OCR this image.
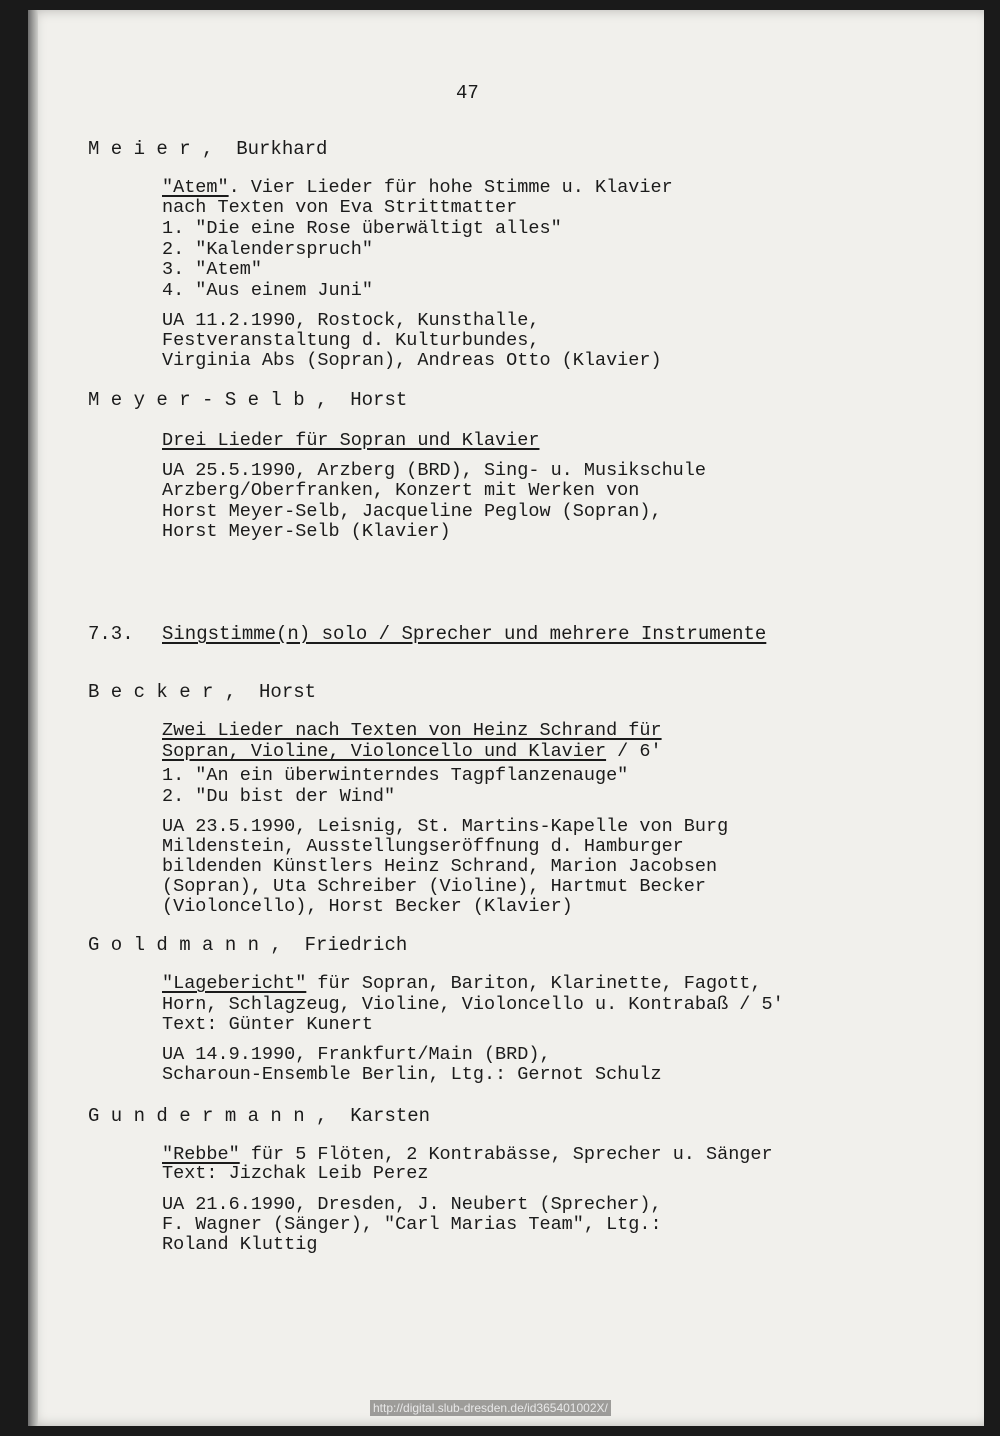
47
M e i e r ,  Burkhard
"Atem". Vier Lieder für hohe Stimme u. Klavier
nach Texten von Eva Strittmatter
1. "Die eine Rose überwältigt alles"
2. "Kalenderspruch"
3. "Atem"
4. "Aus einem Juni"
UA 11.2.1990, Rostock, Kunsthalle,
Festveranstaltung d. Kulturbundes,
Virginia Abs (Sopran), Andreas Otto (Klavier)
M e y e r - S e l b ,  Horst
Drei Lieder für Sopran und Klavier
UA 25.5.1990, Arzberg (BRD), Sing- u. Musikschule
Arzberg/Oberfranken, Konzert mit Werken von
Horst Meyer-Selb, Jacqueline Peglow (Sopran),
Horst Meyer-Selb (Klavier)
7.3. Singstimme(n) solo / Sprecher und mehrere Instrumente
B e c k e r ,  Horst
Zwei Lieder nach Texten von Heinz Schrand für
Sopran, Violine, Violoncello und Klavier / 6'
1. "An ein überwinterndes Tagpflanzenauge"
2. "Du bist der Wind"
UA 23.5.1990, Leisnig, St. Martins-Kapelle von Burg
Mildenstein, Ausstellungseröffnung d. Hamburger
bildenden Künstlers Heinz Schrand, Marion Jacobsen
(Sopran), Uta Schreiber (Violine), Hartmut Becker
(Violoncello), Horst Becker (Klavier)
G o l d m a n n ,  Friedrich
"Lagebericht" für Sopran, Bariton, Klarinette, Fagott,
Horn, Schlagzeug, Violine, Violoncello u. Kontrabaß / 5'
Text: Günter Kunert
UA 14.9.1990, Frankfurt/Main (BRD),
Scharoun-Ensemble Berlin, Ltg.: Gernot Schulz
G u n d e r m a n n ,  Karsten
"Rebbe" für 5 Flöten, 2 Kontrabässe, Sprecher u. Sänger
Text: Jizchak Leib Perez
UA 21.6.1990, Dresden, J. Neubert (Sprecher),
F. Wagner (Sänger), "Carl Marias Team", Ltg.:
Roland Kluttig
http://digital.slub-dresden.de/id365401002X/
